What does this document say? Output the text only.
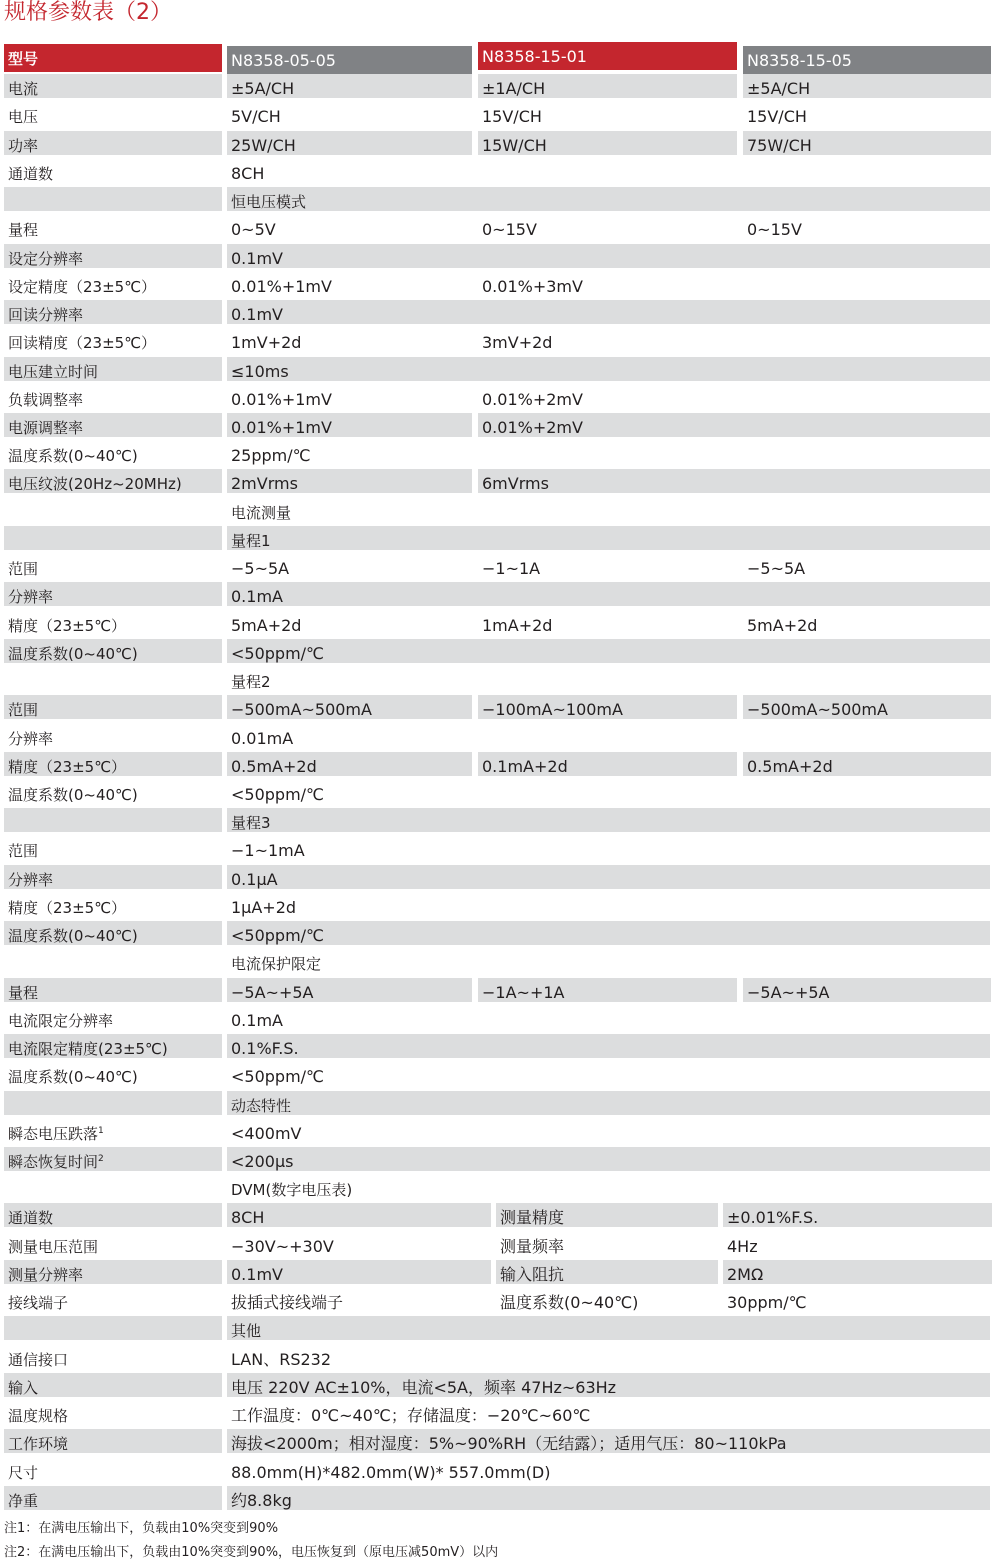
规格参数表（2）
型号	N8358-05-05	N8358-15-01	N8358-15-05
电流	±5A/CH	±1A/CH	±5A/CH
电压	5V/CH	15V/CH	15V/CH
功率	25W/CH	15W/CH	75W/CH
通道数	8CH
恒电压模式
量程	0~5V	0~15V	0~15V
设定分辨率	0.1mV
设定精度（23±5℃）	0.01%+1mV	0.01%+3mV
回读分辨率	0.1mV
回读精度（23±5℃）	1mV+2d	3mV+2d
电压建立时间	≤10ms
负载调整率	0.01%+1mV	0.01%+2mV
电源调整率	0.01%+1mV	0.01%+2mV
温度系数(0~40℃)	25ppm/℃
电压纹波(20Hz~20MHz)	2mVrms	6mVrms
电流测量
量程1
范围	−5~5A	−1~1A	−5~5A
分辨率	0.1mA
精度（23±5℃）	5mA+2d	1mA+2d	5mA+2d
温度系数(0~40℃)	<50ppm/℃
量程2
范围	−500mA~500mA	−100mA~100mA	−500mA~500mA
分辨率	0.01mA
精度（23±5℃）	0.5mA+2d	0.1mA+2d	0.5mA+2d
温度系数(0~40℃)	<50ppm/℃
量程3
范围	−1~1mA
分辨率	0.1μA
精度（23±5℃）	1μA+2d
温度系数(0~40℃)	<50ppm/℃
电流保护限定
量程	−5A~+5A	−1A~+1A	−5A~+5A
电流限定分辨率	0.1mA
电流限定精度(23±5℃)	0.1%F.S.
温度系数(0~40℃)	<50ppm/℃
动态特性
瞬态电压跌落$^1$	<400mV
瞬态恢复时间$^2$	<200μs
DVM(数字电压表)
通道数	8CH	测量精度	±0.01%F.S.
测量电压范围	−30V~+30V	测量频率	4Hz
测量分辨率	0.1mV	输入阻抗	2MΩ
接线端子	拔插式接线端子	温度系数(0~40℃)	30ppm/℃
其他
通信接口	LAN、RS232
输入	电压 220V AC±10%，电流<5A，频率 47Hz~63Hz
温度规格	工作温度：0℃~40℃；存储温度：−20℃~60℃
工作环境	海拔<2000m；相对湿度：5%~90%RH（无结露）；适用气压：80~110kPa
尺寸	88.0mm(H)*482.0mm(W)* 557.0mm(D)
净重	约8.8kg
注1：在满电压输出下，负载由10%突变到90%
注2：在满电压输出下，负载由10%突变到90%，电压恢复到（原电压减50mV）以内
